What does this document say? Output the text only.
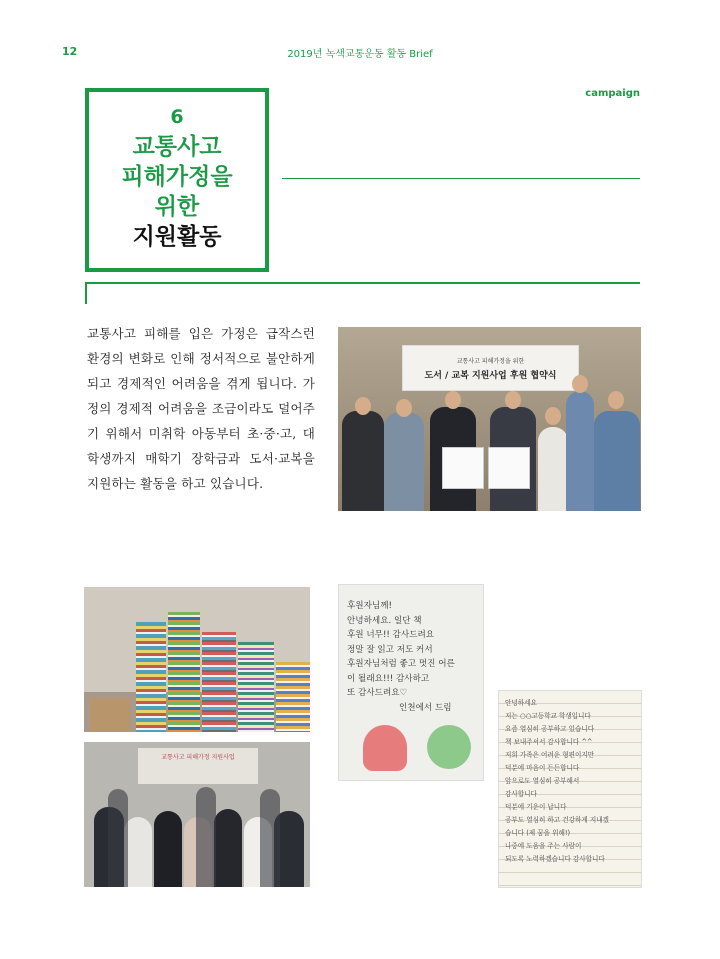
12	2019년 녹색교통운동 활동 Brief
campaign
6
교통사고
피해가정을
위한
지원활동
교통사고 피해를 입은 가정은 급작스런 환경의 변화로 인해 정서적으로 불안하게 되고 경제적인 어려움을 겪게 됩니다. 가정의 경제적 어려움을 조금이라도 덜어주기 위해서 미취학 아동부터 초·중·고, 대학생까지 매학기 장학금과 도서·교복을 지원하는 활동을 하고 있습니다.
교통사고 피해가정을 위한
도서 / 교복 지원사업 후원 협약식
교통사고 피해가정 지원사업
후원자님께!
안녕하세요. 일단 책
후원 너무!! 감사드려요
정말 잘 읽고 저도 커서
후원자님처럼 좋고 멋진 어른
이 될래요!!! 감사하고
또 감사드려요♡
인천에서 드림	안녕하세요
저는 ○○고등학교 학생입니다
요즘 열심히 공부하고 있습니다
책 보내주셔서 감사합니다 ^^
저희 가족은 어려운 형편이지만
덕분에 마음이 든든합니다
앞으로도 열심히 공부해서
감사합니다
덕분에 기운이 납니다
공부도 열심히 하고 건강하게 지내겠
습니다 (제 꿈을 위해!)
나중에 도움을 주는 사람이
되도록 노력하겠습니다 감사합니다
